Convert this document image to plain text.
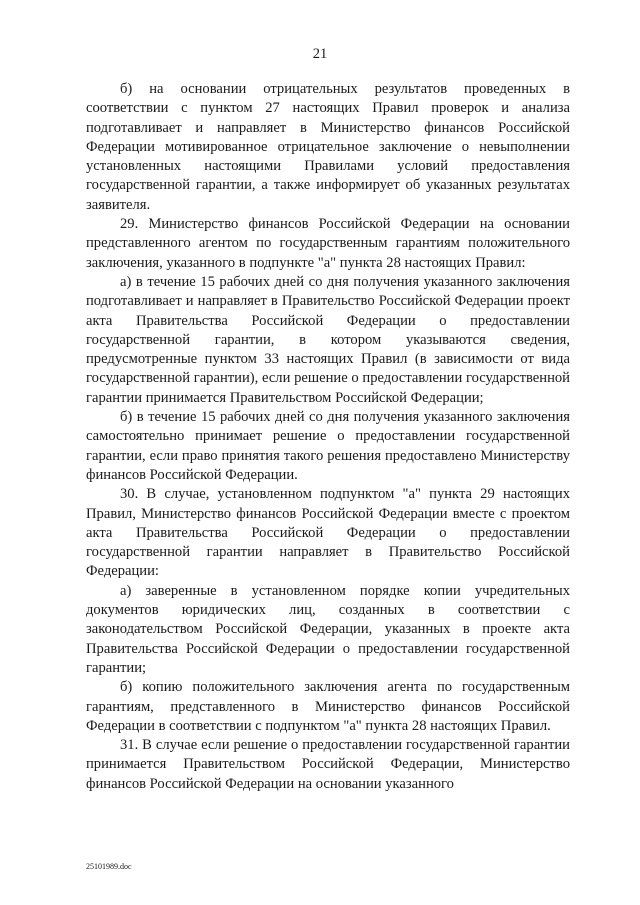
21

б) на основании отрицательных результатов проведенных в соответствии с пунктом 27 настоящих Правил проверок и анализа подготавливает и направляет в Министерство финансов Российской Федерации мотивированное отрицательное заключение о невыполнении установленных настоящими Правилами условий предоставления государственной гарантии, а также информирует об указанных результатах заявителя.

29. Министерство финансов Российской Федерации на основании представленного агентом по государственным гарантиям положительного заключения, указанного в подпункте "а" пункта 28 настоящих Правил:

а) в течение 15 рабочих дней со дня получения указанного заключения подготавливает и направляет в Правительство Российской Федерации проект акта Правительства Российской Федерации о предоставлении государственной гарантии, в котором указываются сведения, предусмотренные пунктом 33 настоящих Правил (в зависимости от вида государственной гарантии), если решение о предоставлении государственной гарантии принимается Правительством Российской Федерации;

б) в течение 15 рабочих дней со дня получения указанного заключения самостоятельно принимает решение о предоставлении государственной гарантии, если право принятия такого решения предоставлено Министерству финансов Российской Федерации.

30. В случае, установленном подпунктом "а" пункта 29 настоящих Правил, Министерство финансов Российской Федерации вместе с проектом акта Правительства Российской Федерации о предоставлении государственной гарантии направляет в Правительство Российской Федерации:

а) заверенные в установленном порядке копии учредительных документов юридических лиц, созданных в соответствии с законодательством Российской Федерации, указанных в проекте акта Правительства Российской Федерации о предоставлении государственной гарантии;

б) копию положительного заключения агента по государственным гарантиям, представленного в Министерство финансов Российской Федерации в соответствии с подпунктом "а" пункта 28 настоящих Правил.

31. В случае если решение о предоставлении государственной гарантии принимается Правительством Российской Федерации, Министерство финансов Российской Федерации на основании указанного

25101989.doc
